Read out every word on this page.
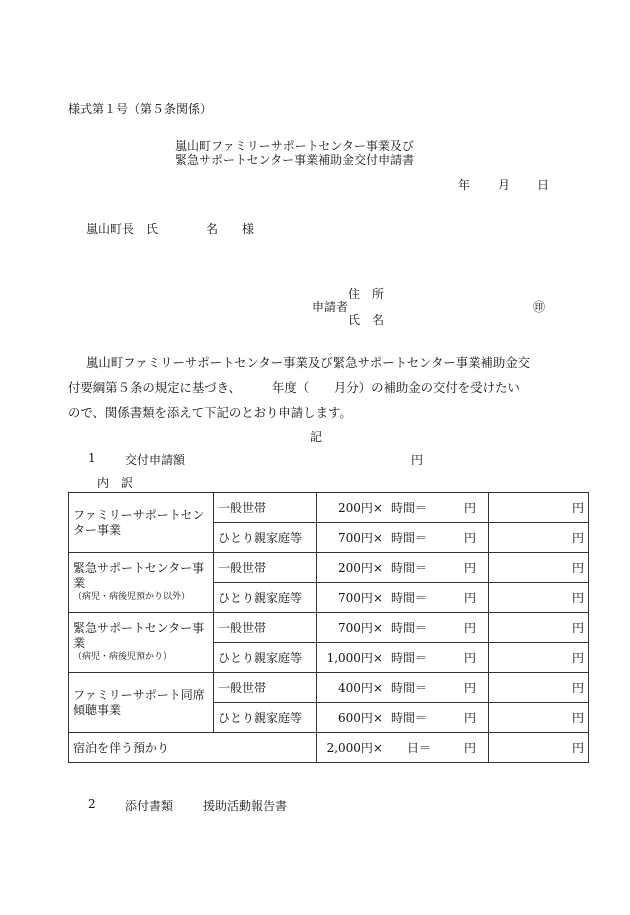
様式第１号（第５条関係）
嵐山町ファミリーサポートセンター事業及び
緊急サポートセンター事業補助金交付申請書
年 月 日
嵐山町長　氏　　　　名　　様
住　所
申請者	㊞
氏　名
嵐山町ファミリーサポートセンター事業及び緊急サポートセンター事業補助金交
付要綱第５条の規定に基づき、　　　年度（　　月分）の補助金の交付を受けたい
ので、関係書類を添えて下記のとおり申請します。
記
1 交付申請額	円
内　訳
ファミリーサポートセンター事業	一般世帯	200円× 時間＝ 円	円
	ひとり親家庭等	700円× 時間＝ 円	円
緊急サポートセンター事業
（病児・病後児預かり以外）	一般世帯	200円× 時間＝ 円	円
	ひとり親家庭等	700円× 時間＝ 円	円
緊急サポートセンター事業
（病児・病後児預かり）	一般世帯	700円× 時間＝ 円	円
	ひとり親家庭等	1,000円× 時間＝ 円	円
ファミリーサポート同席傾聴事業	一般世帯	400円× 時間＝ 円	円
	ひとり親家庭等	600円× 時間＝ 円	円
宿泊を伴う預かり		2,000円× 日＝ 円	円
2 添付書類 援助活動報告書
